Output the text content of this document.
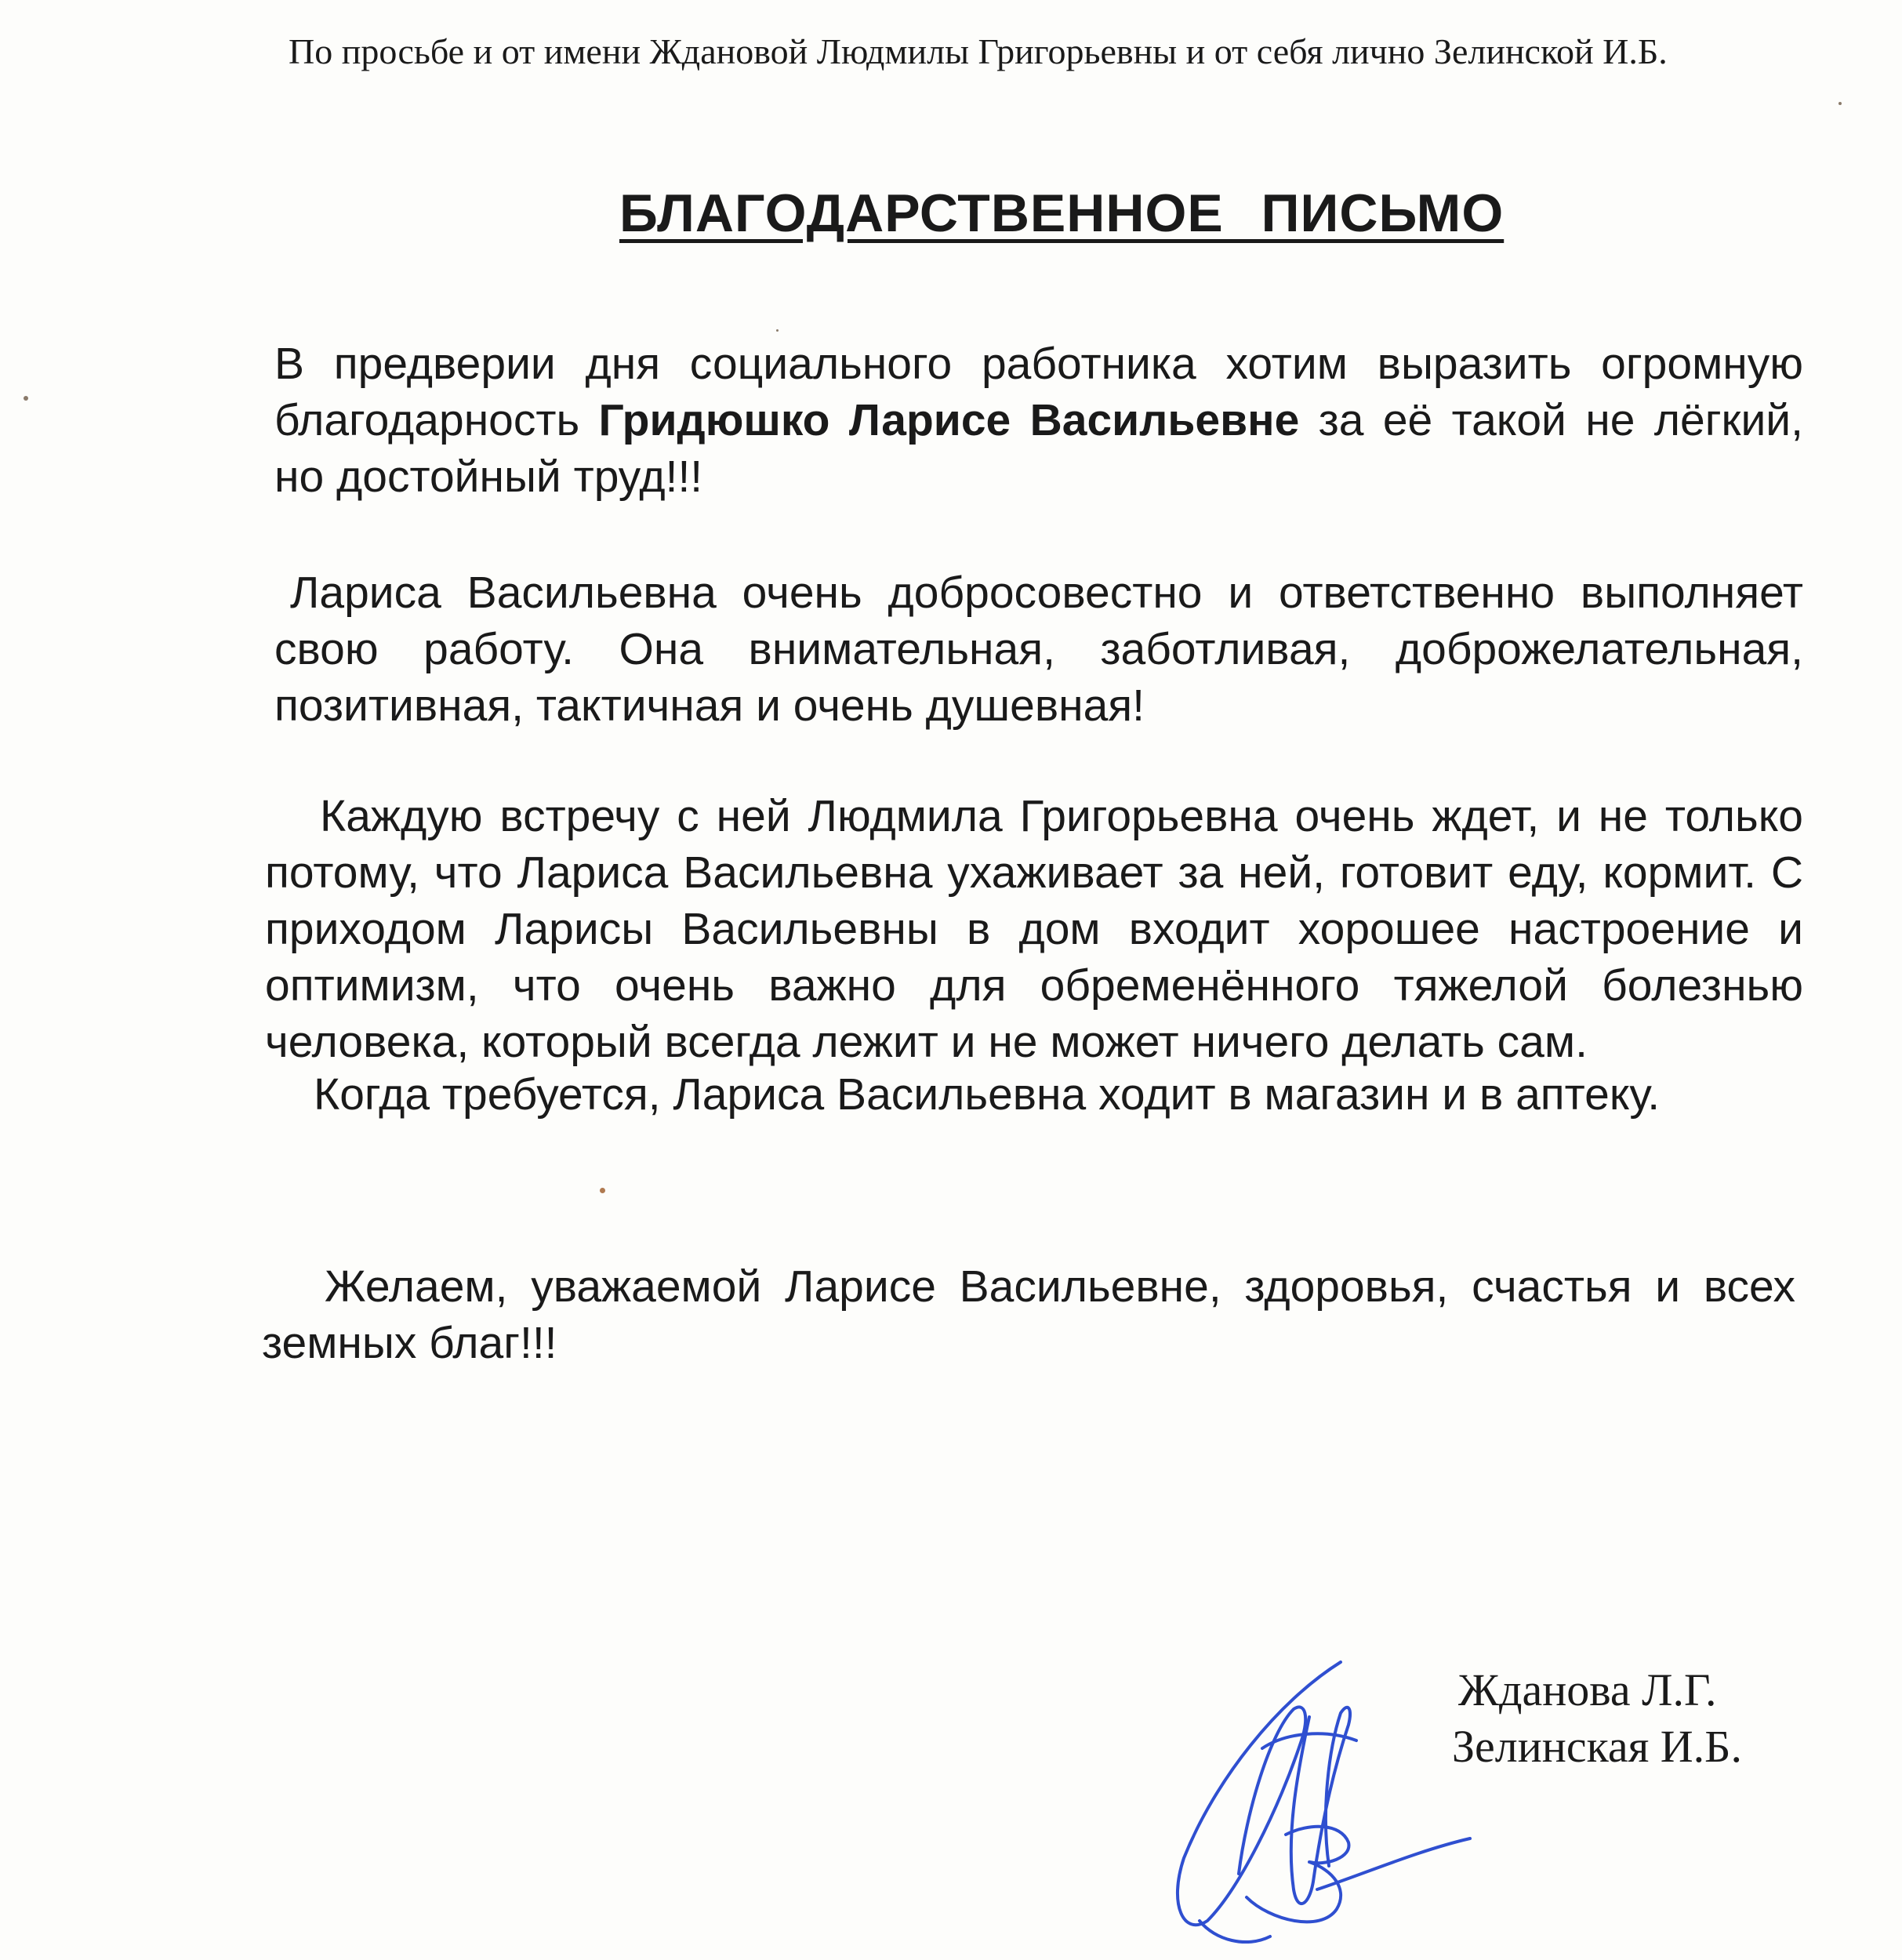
По просьбе и от имени Ждановой Людмилы Григорьевны и от себя лично Зелинской И.Б.
БЛАГОДАРСТВЕННОЕ ПИСЬМО
В предверии дня социального работника хотим выразить огромную благодарность Гридюшко Ларисе Васильевне за её такой не лёгкий, но достойный труд!!!
Лариса Васильевна очень добросовестно и ответственно выполняет свою работу. Она внимательная, заботливая, доброжелательная, позитивная, тактичная и очень душевная!
Каждую встречу с ней Людмила Григорьевна очень ждет, и не только потому, что Лариса Васильевна ухаживает за ней, готовит еду, кормит. С приходом Ларисы Васильевны в дом входит хорошее настроение и оптимизм, что очень важно для обременённого тяжелой болезнью человека, который всегда лежит и не может ничего делать сам.
Когда требуется, Лариса Васильевна ходит в магазин и в аптеку.
Желаем, уважаемой Ларисе Васильевне, здоровья, счастья и всех земных благ!!!
Жданова Л.Г.
Зелинская И.Б.
